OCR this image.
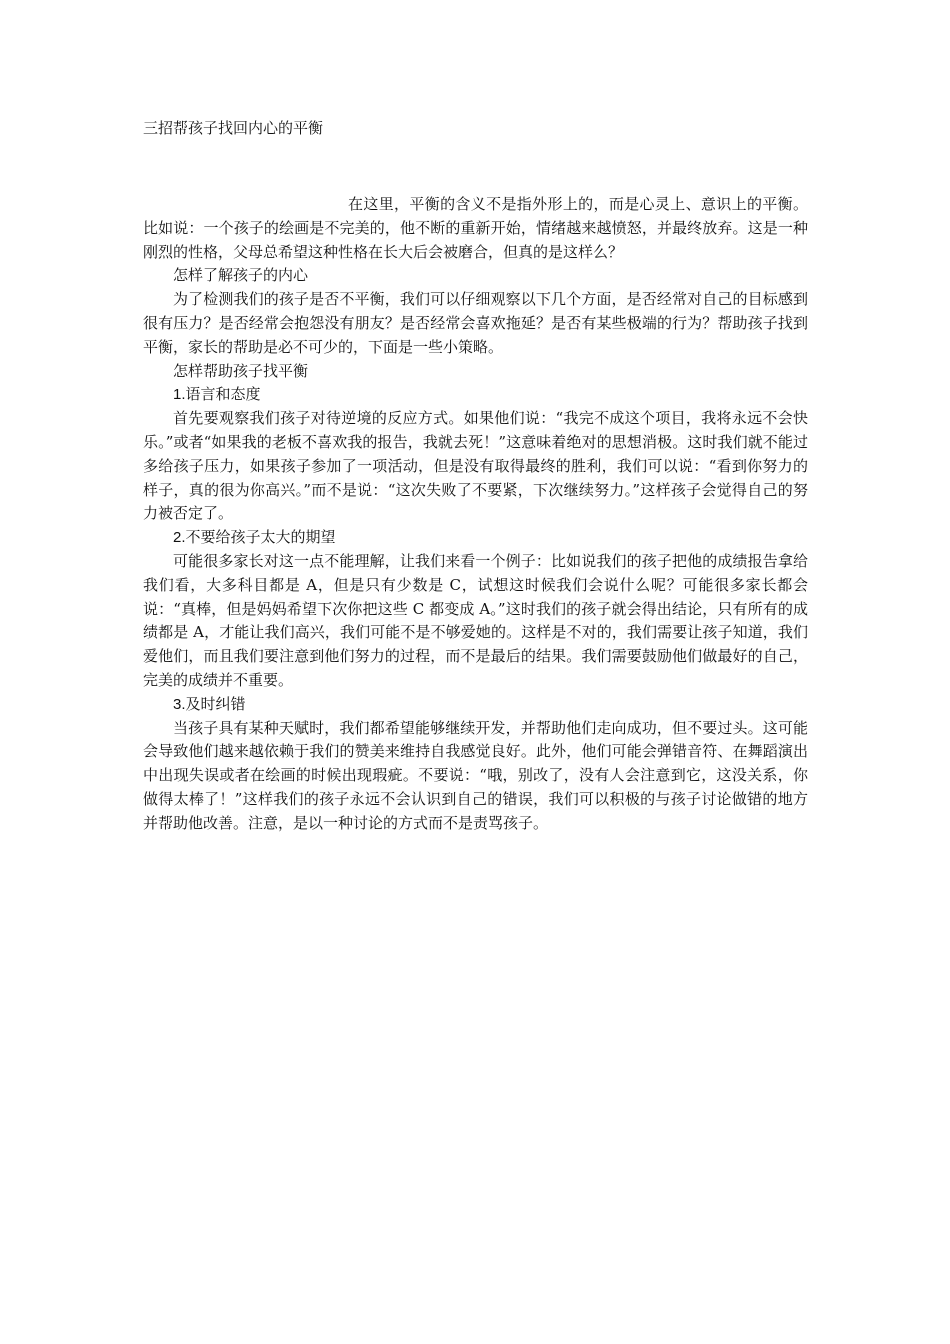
三招帮孩子找回内心的平衡

在这里，平衡的含义不是指外形上的，而是心灵上、意识上的平衡。比如说：一个孩子的绘画是不完美的，他不断的重新开始，情绪越来越愤怒，并最终放弃。这是一种刚烈的性格，父母总希望这种性格在长大后会被磨合，但真的是这样么？

怎样了解孩子的内心

为了检测我们的孩子是否不平衡，我们可以仔细观察以下几个方面，是否经常对自己的目标感到很有压力？是否经常会抱怨没有朋友？是否经常会喜欢拖延？是否有某些极端的行为？帮助孩子找到平衡，家长的帮助是必不可少的，下面是一些小策略。

怎样帮助孩子找平衡

1.语言和态度

首先要观察我们孩子对待逆境的反应方式。如果他们说：“我完不成这个项目，我将永远不会快乐。”或者“如果我的老板不喜欢我的报告，我就去死！”这意味着绝对的思想消极。这时我们就不能过多给孩子压力，如果孩子参加了一项活动，但是没有取得最终的胜利，我们可以说：“看到你努力的样子，真的很为你高兴。”而不是说：“这次失败了不要紧，下次继续努力。”这样孩子会觉得自己的努力被否定了。

2.不要给孩子太大的期望

可能很多家长对这一点不能理解，让我们来看一个例子：比如说我们的孩子把他的成绩报告拿给我们看，大多科目都是 A，但是只有少数是 C，试想这时候我们会说什么呢？可能很多家长都会说：“真棒，但是妈妈希望下次你把这些 C 都变成 A。”这时我们的孩子就会得出结论，只有所有的成绩都是 A，才能让我们高兴，我们可能不是不够爱她的。这样是不对的，我们需要让孩子知道，我们爱他们，而且我们要注意到他们努力的过程，而不是最后的结果。我们需要鼓励他们做最好的自己，完美的成绩并不重要。

3.及时纠错

当孩子具有某种天赋时，我们都希望能够继续开发，并帮助他们走向成功，但不要过头。这可能会导致他们越来越依赖于我们的赞美来维持自我感觉良好。此外，他们可能会弹错音符、在舞蹈演出中出现失误或者在绘画的时候出现瑕疵。不要说：“哦，别改了，没有人会注意到它，这没关系，你做得太棒了！”这样我们的孩子永远不会认识到自己的错误，我们可以积极的与孩子讨论做错的地方并帮助他改善。注意，是以一种讨论的方式而不是责骂孩子。
